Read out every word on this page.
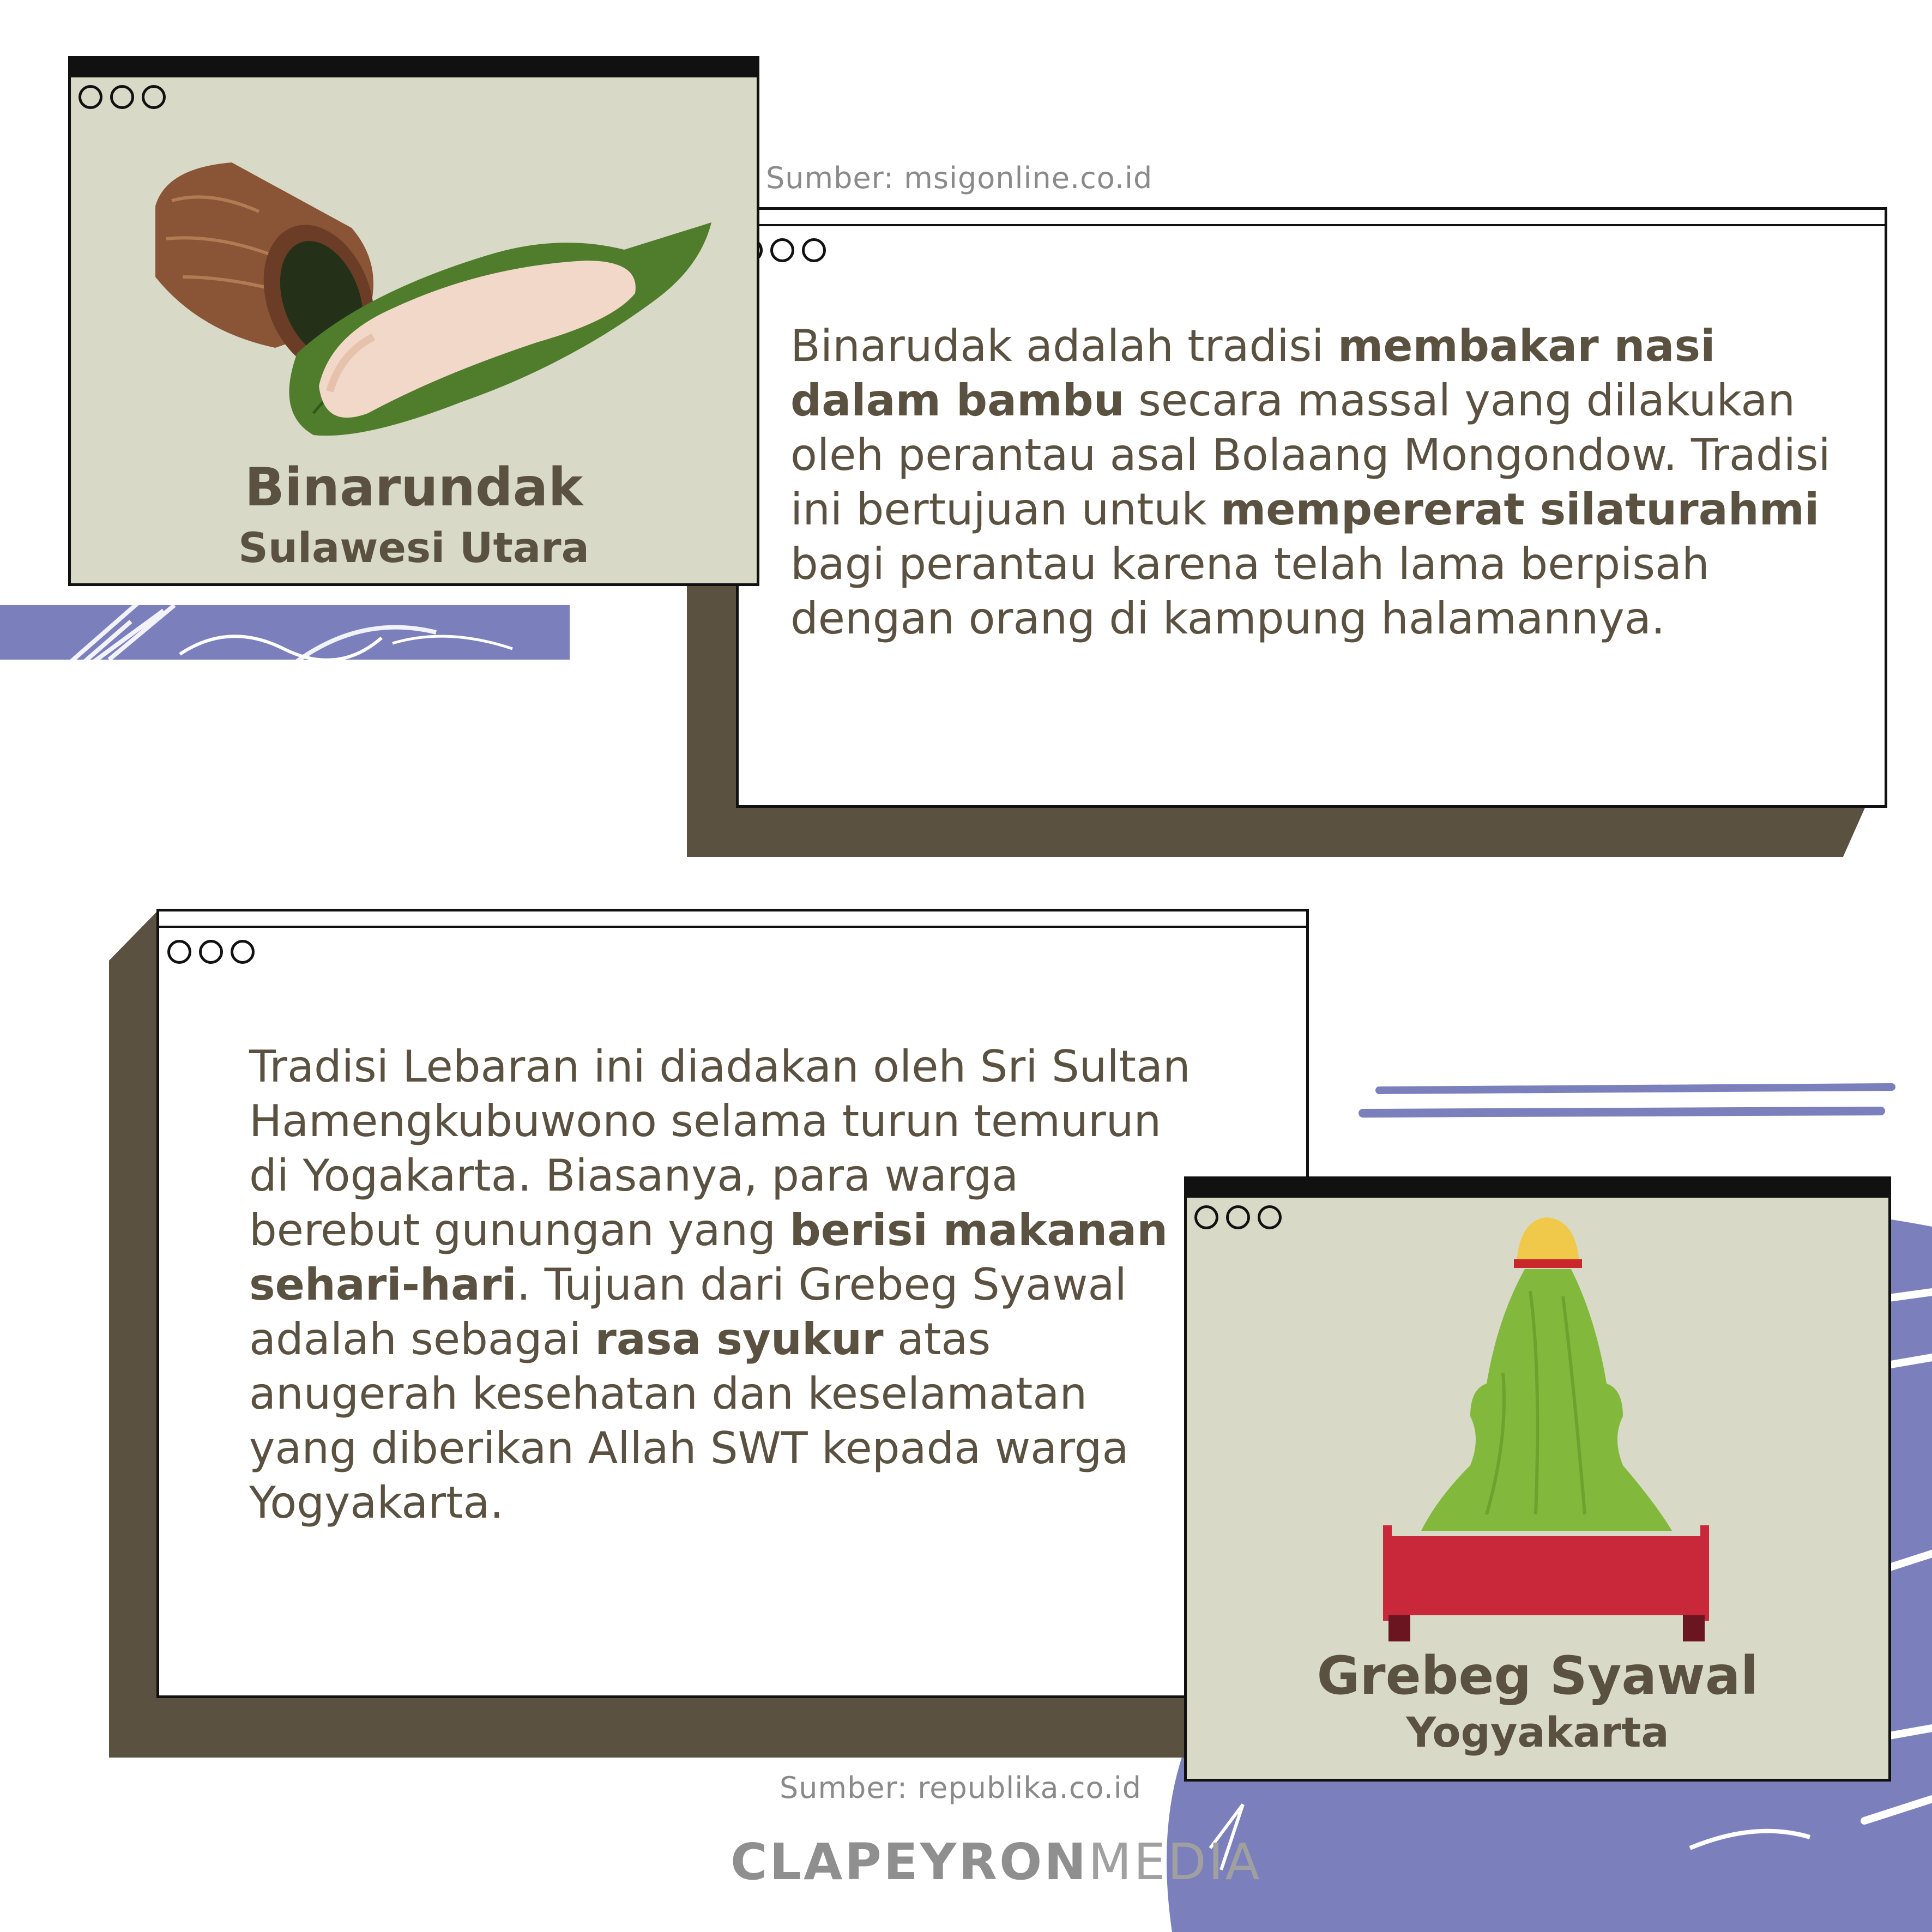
Binarudak adalah tradisi membakar nasi dalam bambu secara massal yang dilakukan oleh perantau asal Bolaang Mongondow. Tradisi ini bertujuan untuk mempererat silaturahmi bagi perantau karena telah lama berpisah dengan orang di kampung halamannya.
Sumber: msigonline.co.id
Binarundak
Sulawesi Utara
Tradisi Lebaran ini diadakan oleh Sri Sultan Hamengkubuwono selama turun temurun di Yogakarta. Biasanya, para warga berebut gunungan yang berisi makanan sehari-hari. Tujuan dari Grebeg Syawal adalah sebagai rasa syukur atas anugerah kesehatan dan keselamatan yang diberikan Allah SWT kepada warga Yogyakarta.
Grebeg Syawal
Yogyakarta
Sumber: republika.co.id
CLAPEYRONMEDIA
